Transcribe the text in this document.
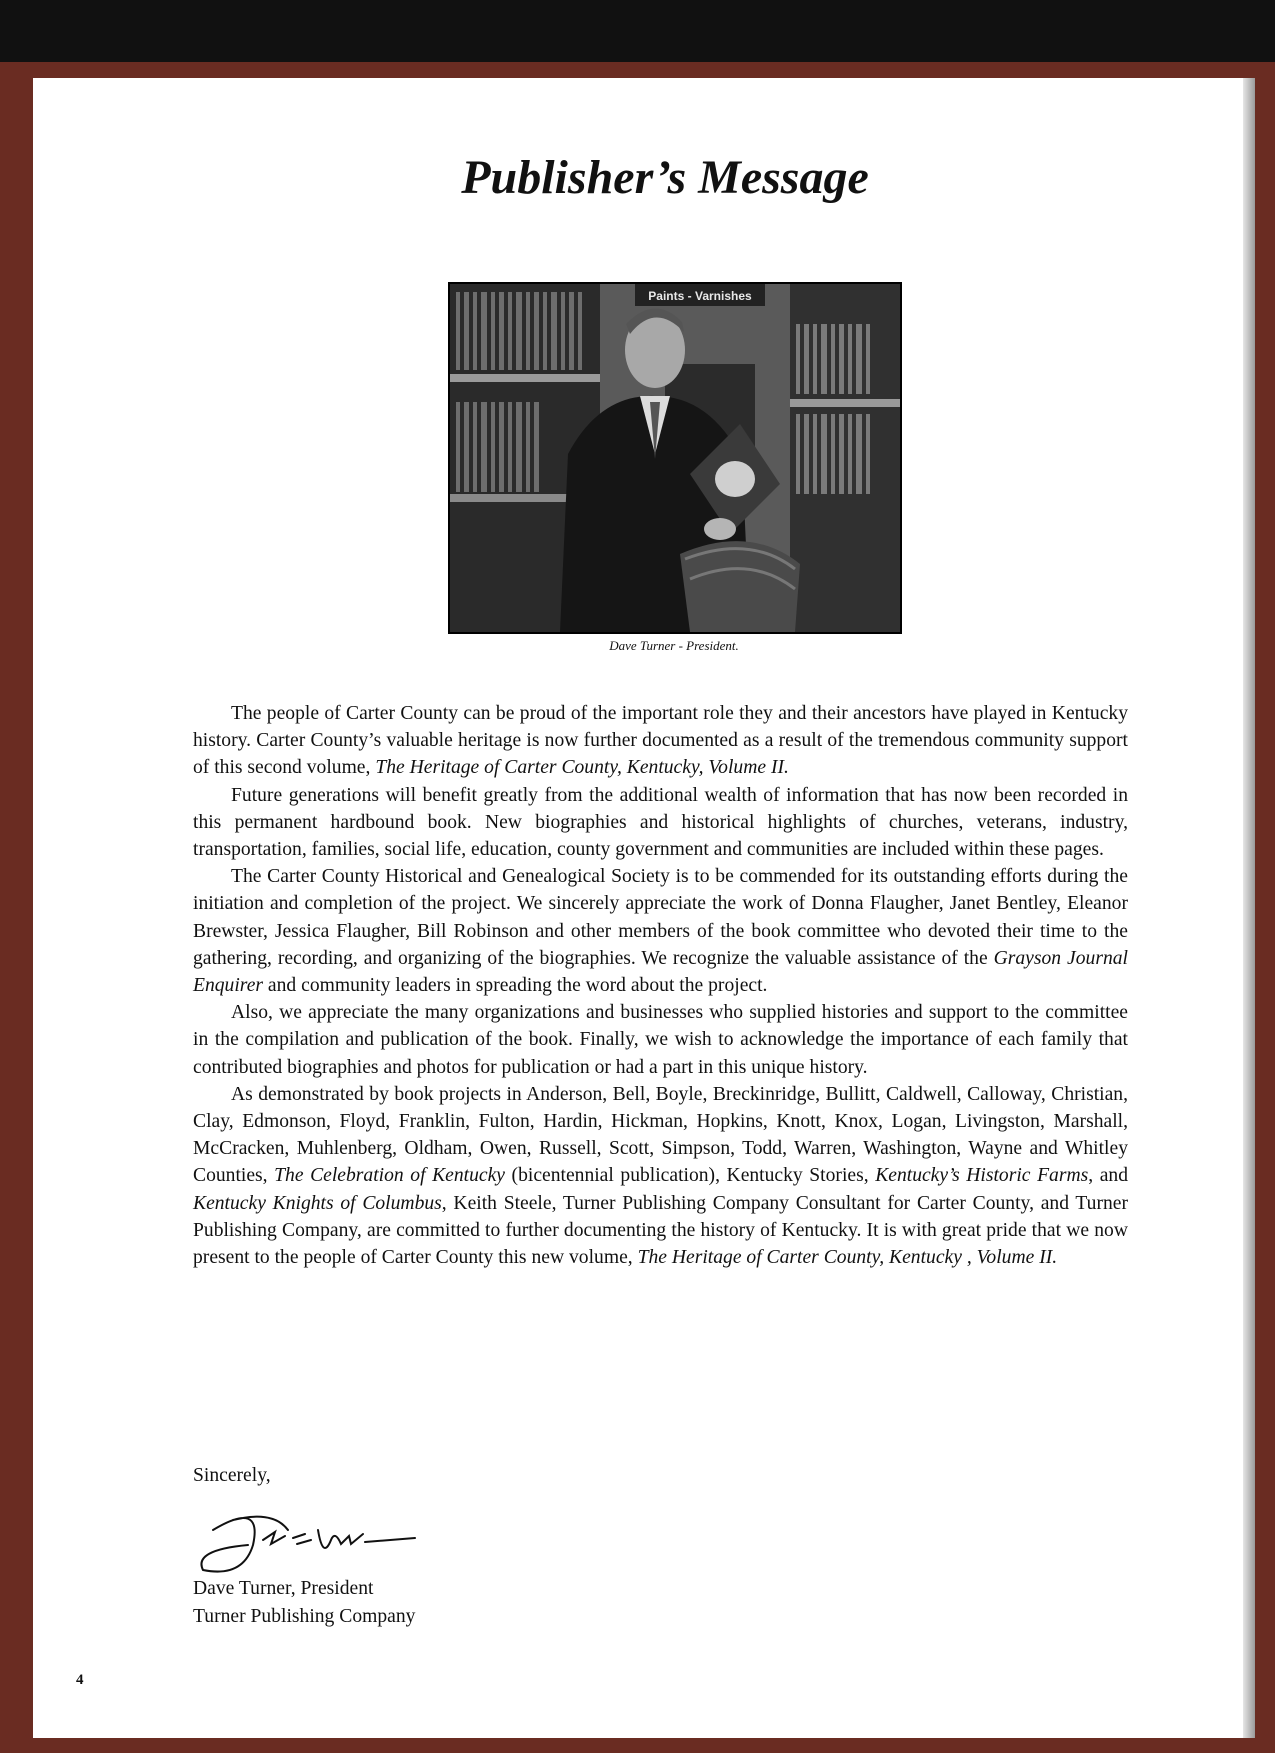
Publisher’s Message
Paints - Varnishes
Dave Turner - President.

The people of Carter County can be proud of the important role they and their ancestors have played in Kentucky history. Carter County’s valuable heritage is now further documented as a result of the tremendous community support of this second volume, The Heritage of Carter County, Kentucky, Volume II.

Future generations will benefit greatly from the additional wealth of information that has now been recorded in this permanent hardbound book. New biographies and historical highlights of churches, veterans, industry, transportation, families, social life, education, county government and communities are included within these pages.

The Carter County Historical and Genealogical Society is to be commended for its outstanding efforts during the initiation and completion of the project. We sincerely appreciate the work of Donna Flaugher, Janet Bentley, Eleanor Brewster, Jessica Flaugher, Bill Robinson and other members of the book committee who devoted their time to the gathering, recording, and organizing of the biographies. We recognize the valuable assistance of the Grayson Journal Enquirer and community leaders in spreading the word about the project.

Also, we appreciate the many organizations and businesses who supplied histories and support to the committee in the compilation and publication of the book. Finally, we wish to acknowledge the importance of each family that contributed biographies and photos for publication or had a part in this unique history.

As demonstrated by book projects in Anderson, Bell, Boyle, Breckinridge, Bullitt, Caldwell, Calloway, Christian, Clay, Edmonson, Floyd, Franklin, Fulton, Hardin, Hickman, Hopkins, Knott, Knox, Logan, Livingston, Marshall, McCracken, Muhlenberg, Oldham, Owen, Russell, Scott, Simpson, Todd, Warren, Washington, Wayne and Whitley Counties, The Celebration of Kentucky (bicentennial publication), Kentucky Stories, Kentucky’s Historic Farms, and Kentucky Knights of Columbus, Keith Steele, Turner Publishing Company Consultant for Carter County, and Turner Publishing Company, are committed to further documenting the history of Kentucky. It is with great pride that we now present to the people of Carter County this new volume, The Heritage of Carter County, Kentucky , Volume II.

Sincerely,
Dave Turner, President
Turner Publishing Company
4
